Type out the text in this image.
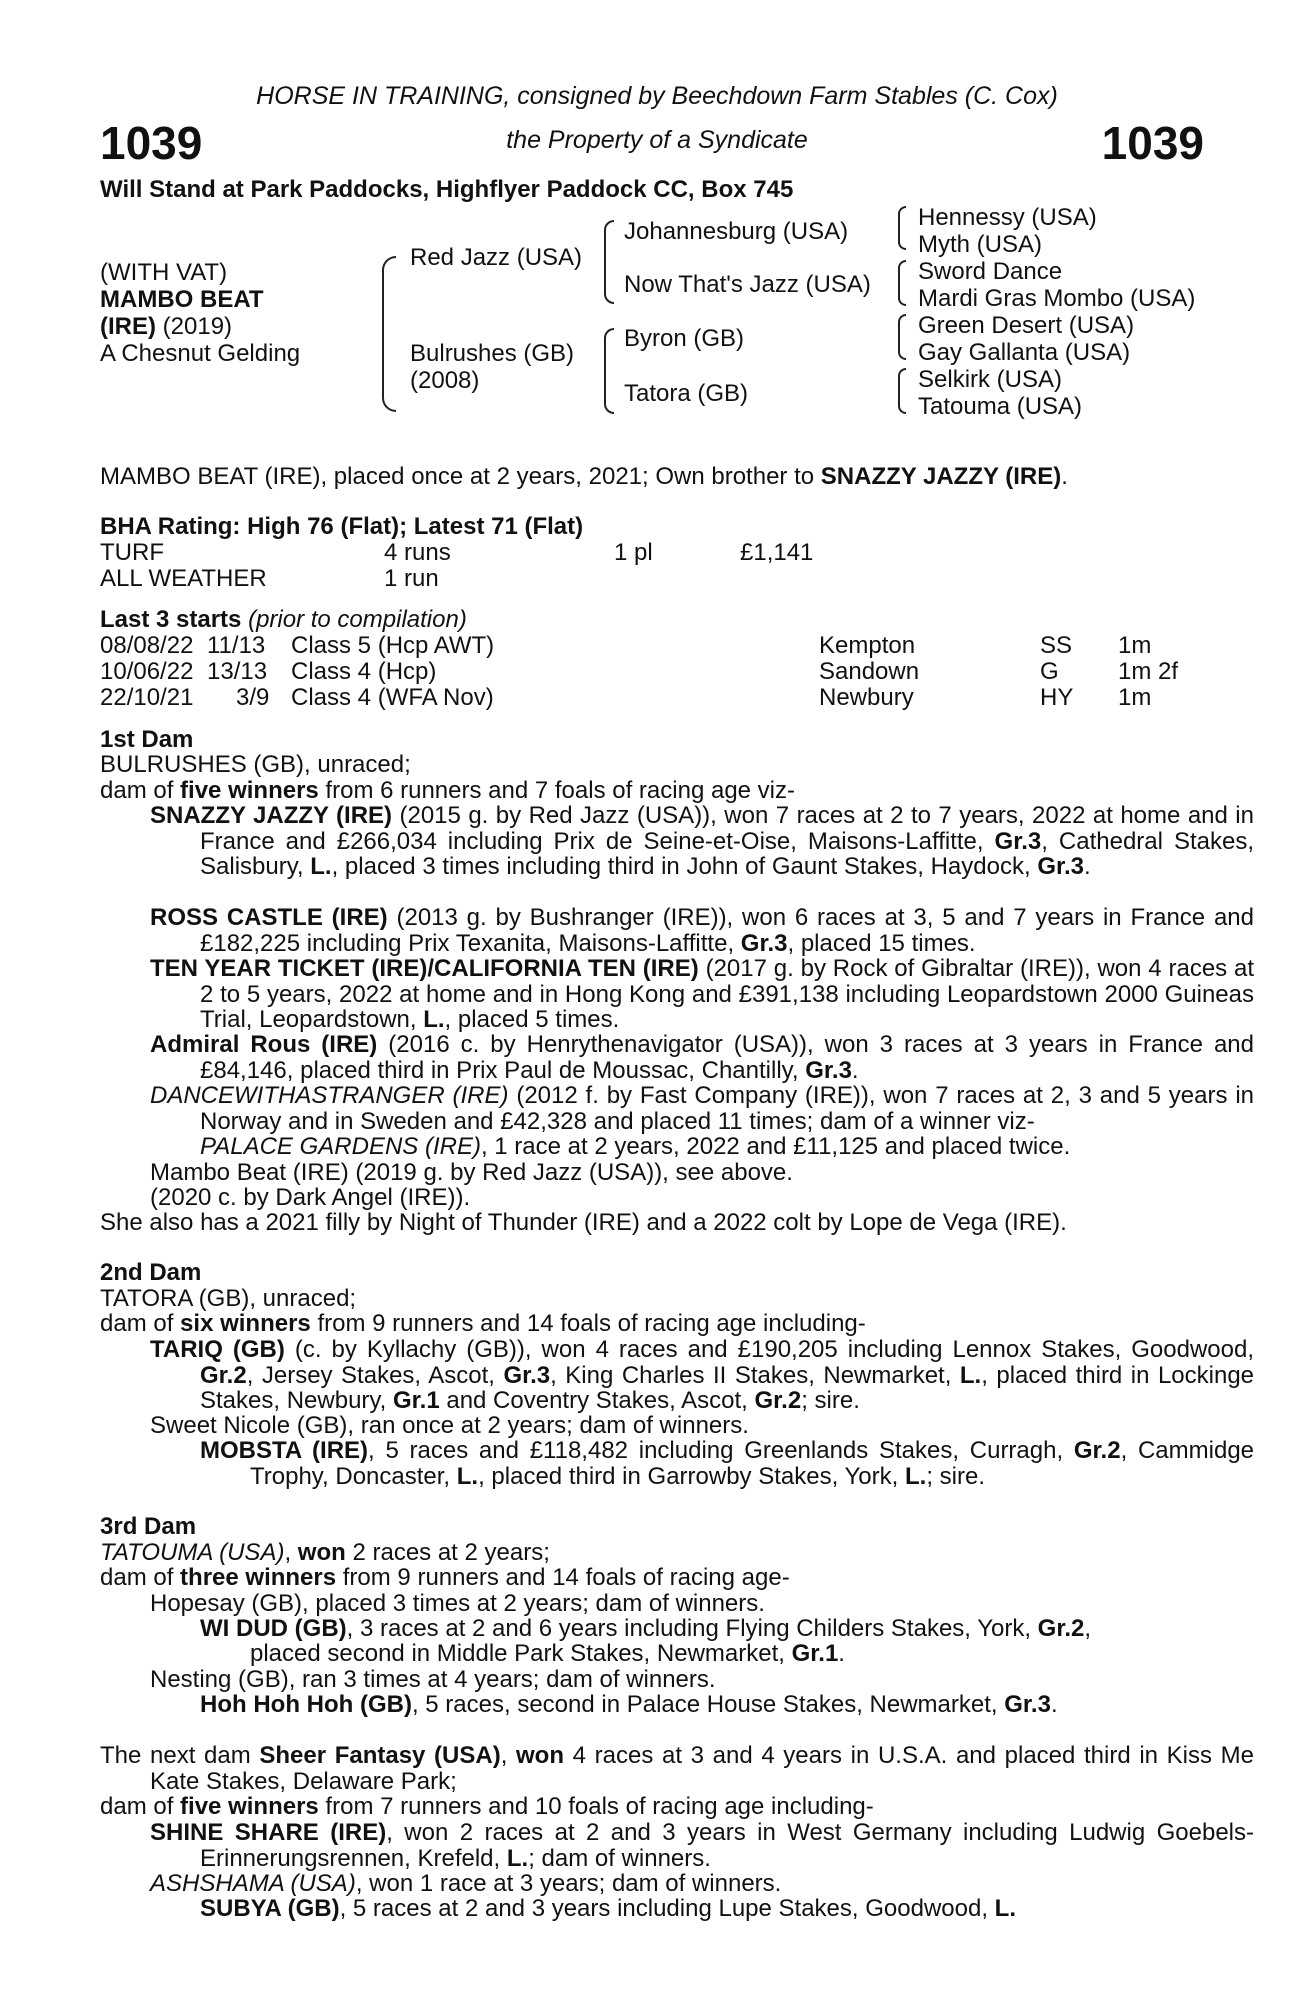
HORSE IN TRAINING, consigned by Beechdown Farm Stables (C. Cox)
the Property of a Syndicate
1039	1039
Will Stand at Park Paddocks, Highflyer Paddock CC, Box 745
(WITH VAT)
MAMBO BEAT
(IRE) (2019)
A Chesnut Gelding
Red Jazz (USA)
Bulrushes (GB)
(2008)
Johannesburg (USA)
Now That's Jazz (USA)
Byron (GB)
Tatora (GB)
Hennessy (USA)
Myth (USA)
Sword Dance
Mardi Gras Mombo (USA)
Green Desert (USA)
Gay Gallanta (USA)
Selkirk (USA)
Tatouma (USA)
MAMBO BEAT (IRE), placed once at 2 years, 2021; Own brother to SNAZZY JAZZY (IRE).
BHA Rating: High 76 (Flat); Latest 71 (Flat)
TURF	4 runs	1 pl	£1,141
ALL WEATHER	1 run
Last 3 starts (prior to compilation)
08/08/22 11/13 Class 5 (Hcp AWT)	Kempton	SS 1m
10/06/22 13/13 Class 4 (Hcp)	Sandown	G 1m 2f
22/10/21 3/9 Class 4 (WFA Nov)	Newbury	HY 1m
1st Dam
BULRUSHES (GB), unraced;
dam of five winners from 6 runners and 7 foals of racing age viz-
SNAZZY JAZZY (IRE) (2015 g. by Red Jazz (USA)), won 7 races at 2 to 7 years, 2022 at home and in France and £266,034 including Prix de Seine-et-Oise, Maisons-Laffitte, Gr.3, Cathedral Stakes, Salisbury, L., placed 3 times including third in John of Gaunt Stakes, Haydock, Gr.3.
ROSS CASTLE (IRE) (2013 g. by Bushranger (IRE)), won 6 races at 3, 5 and 7 years in France and £182,225 including Prix Texanita, Maisons-Laffitte, Gr.3, placed 15 times.
TEN YEAR TICKET (IRE)/CALIFORNIA TEN (IRE) (2017 g. by Rock of Gibraltar (IRE)), won 4 races at 2 to 5 years, 2022 at home and in Hong Kong and £391,138 including Leopardstown 2000 Guineas Trial, Leopardstown, L., placed 5 times.
Admiral Rous (IRE) (2016 c. by Henrythenavigator (USA)), won 3 races at 3 years in France and £84,146, placed third in Prix Paul de Moussac, Chantilly, Gr.3.
DANCEWITHASTRANGER (IRE) (2012 f. by Fast Company (IRE)), won 7 races at 2, 3 and 5 years in Norway and in Sweden and £42,328 and placed 11 times; dam of a winner viz-
PALACE GARDENS (IRE), 1 race at 2 years, 2022 and £11,125 and placed twice.
Mambo Beat (IRE) (2019 g. by Red Jazz (USA)), see above.
(2020 c. by Dark Angel (IRE)).
She also has a 2021 filly by Night of Thunder (IRE) and a 2022 colt by Lope de Vega (IRE).
2nd Dam
TATORA (GB), unraced;
dam of six winners from 9 runners and 14 foals of racing age including-
TARIQ (GB) (c. by Kyllachy (GB)), won 4 races and £190,205 including Lennox Stakes, Goodwood, Gr.2, Jersey Stakes, Ascot, Gr.3, King Charles II Stakes, Newmarket, L., placed third in Lockinge Stakes, Newbury, Gr.1 and Coventry Stakes, Ascot, Gr.2; sire.
Sweet Nicole (GB), ran once at 2 years; dam of winners.
MOBSTA (IRE), 5 races and £118,482 including Greenlands Stakes, Curragh, Gr.2, Cammidge Trophy, Doncaster, L., placed third in Garrowby Stakes, York, L.; sire.
3rd Dam
TATOUMA (USA), won 2 races at 2 years;
dam of three winners from 9 runners and 14 foals of racing age-
Hopesay (GB), placed 3 times at 2 years; dam of winners.
WI DUD (GB), 3 races at 2 and 6 years including Flying Childers Stakes, York, Gr.2,
placed second in Middle Park Stakes, Newmarket, Gr.1.
Nesting (GB), ran 3 times at 4 years; dam of winners.
Hoh Hoh Hoh (GB), 5 races, second in Palace House Stakes, Newmarket, Gr.3.
The next dam Sheer Fantasy (USA), won 4 races at 3 and 4 years in U.S.A. and placed third in Kiss Me Kate Stakes, Delaware Park;
dam of five winners from 7 runners and 10 foals of racing age including-
SHINE SHARE (IRE), won 2 races at 2 and 3 years in West Germany including Ludwig Goebels-Erinnerungsrennen, Krefeld, L.; dam of winners.
ASHSHAMA (USA), won 1 race at 3 years; dam of winners.
SUBYA (GB), 5 races at 2 and 3 years including Lupe Stakes, Goodwood, L.
